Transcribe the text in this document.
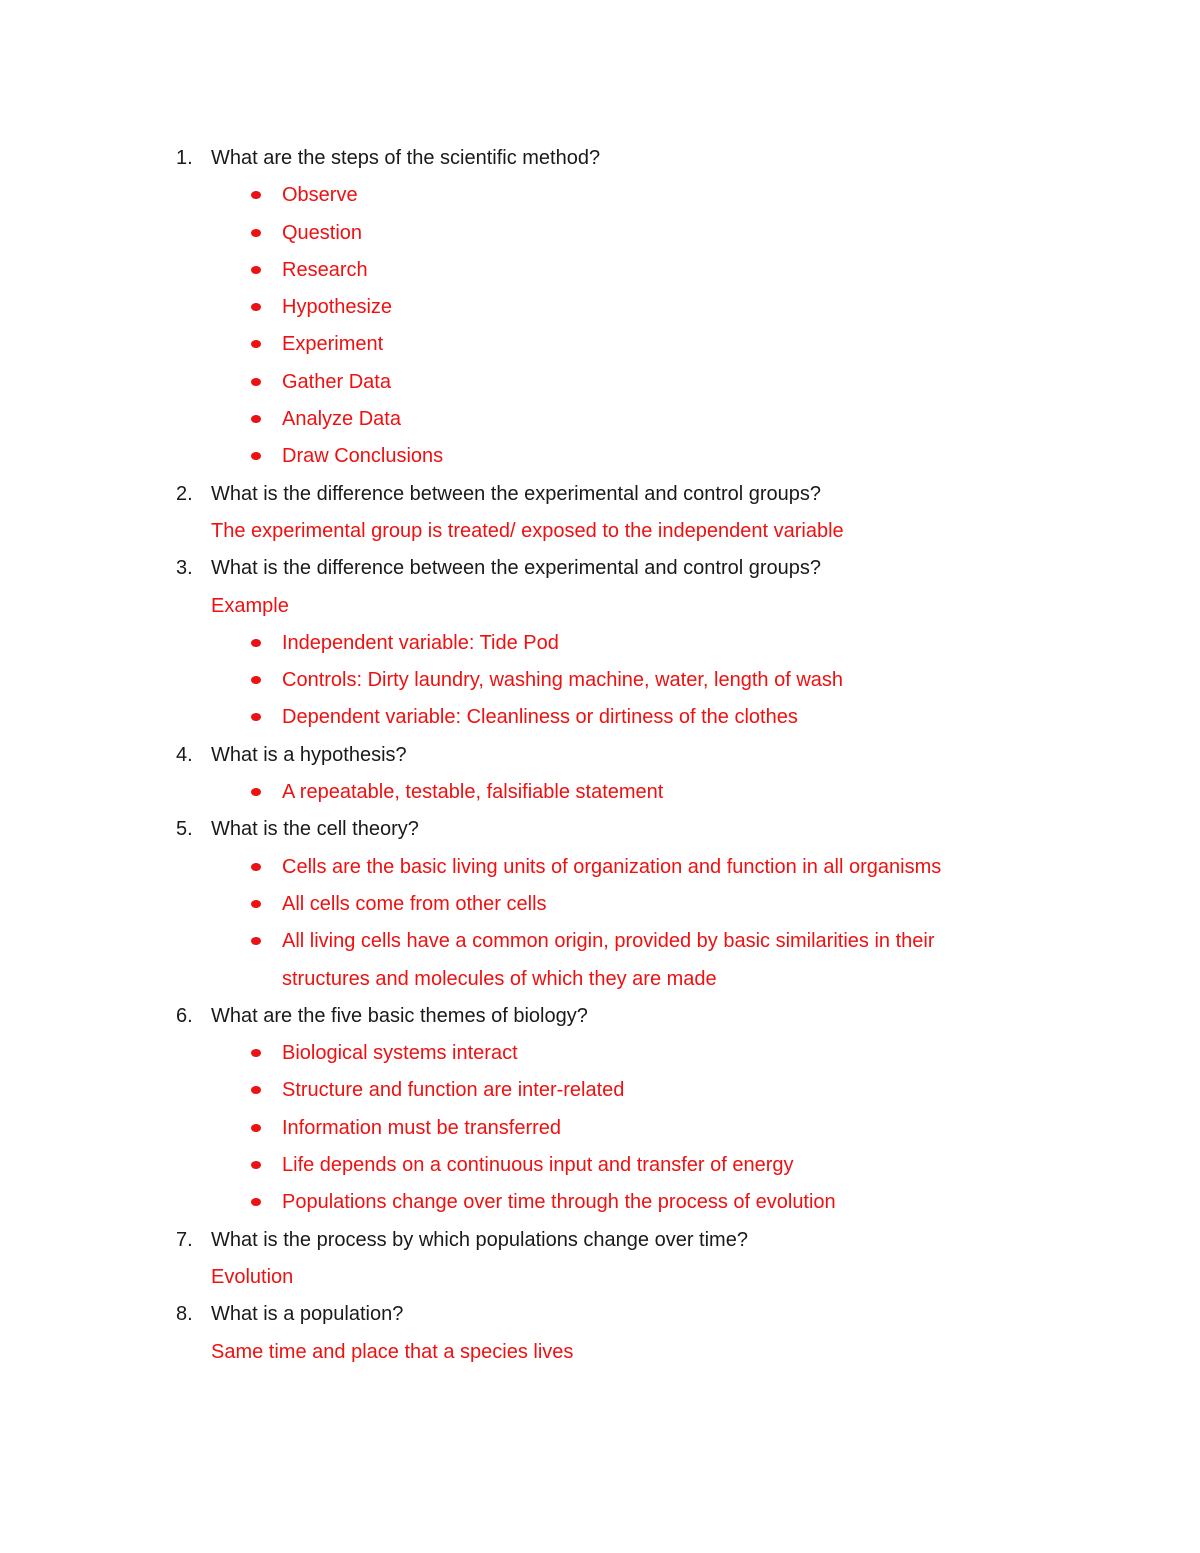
1. What are the steps of the scientific method?
Observe
Question
Research
Hypothesize
Experiment
Gather Data
Analyze Data
Draw Conclusions
2. What is the difference between the experimental and control groups?
The experimental group is treated/ exposed to the independent variable
3. What is the difference between the experimental and control groups?
Example
Independent variable: Tide Pod
Controls: Dirty laundry, washing machine, water, length of wash
Dependent variable: Cleanliness or dirtiness of the clothes
4. What is a hypothesis?
A repeatable, testable, falsifiable statement
5. What is the cell theory?
Cells are the basic living units of organization and function in all organisms
All cells come from other cells
All living cells have a common origin, provided by basic similarities in their structures and molecules of which they are made
6. What are the five basic themes of biology?
Biological systems interact
Structure and function are inter-related
Information must be transferred
Life depends on a continuous input and transfer of energy
Populations change over time through the process of evolution
7. What is the process by which populations change over time?
Evolution
8. What is a population?
Same time and place that a species lives
